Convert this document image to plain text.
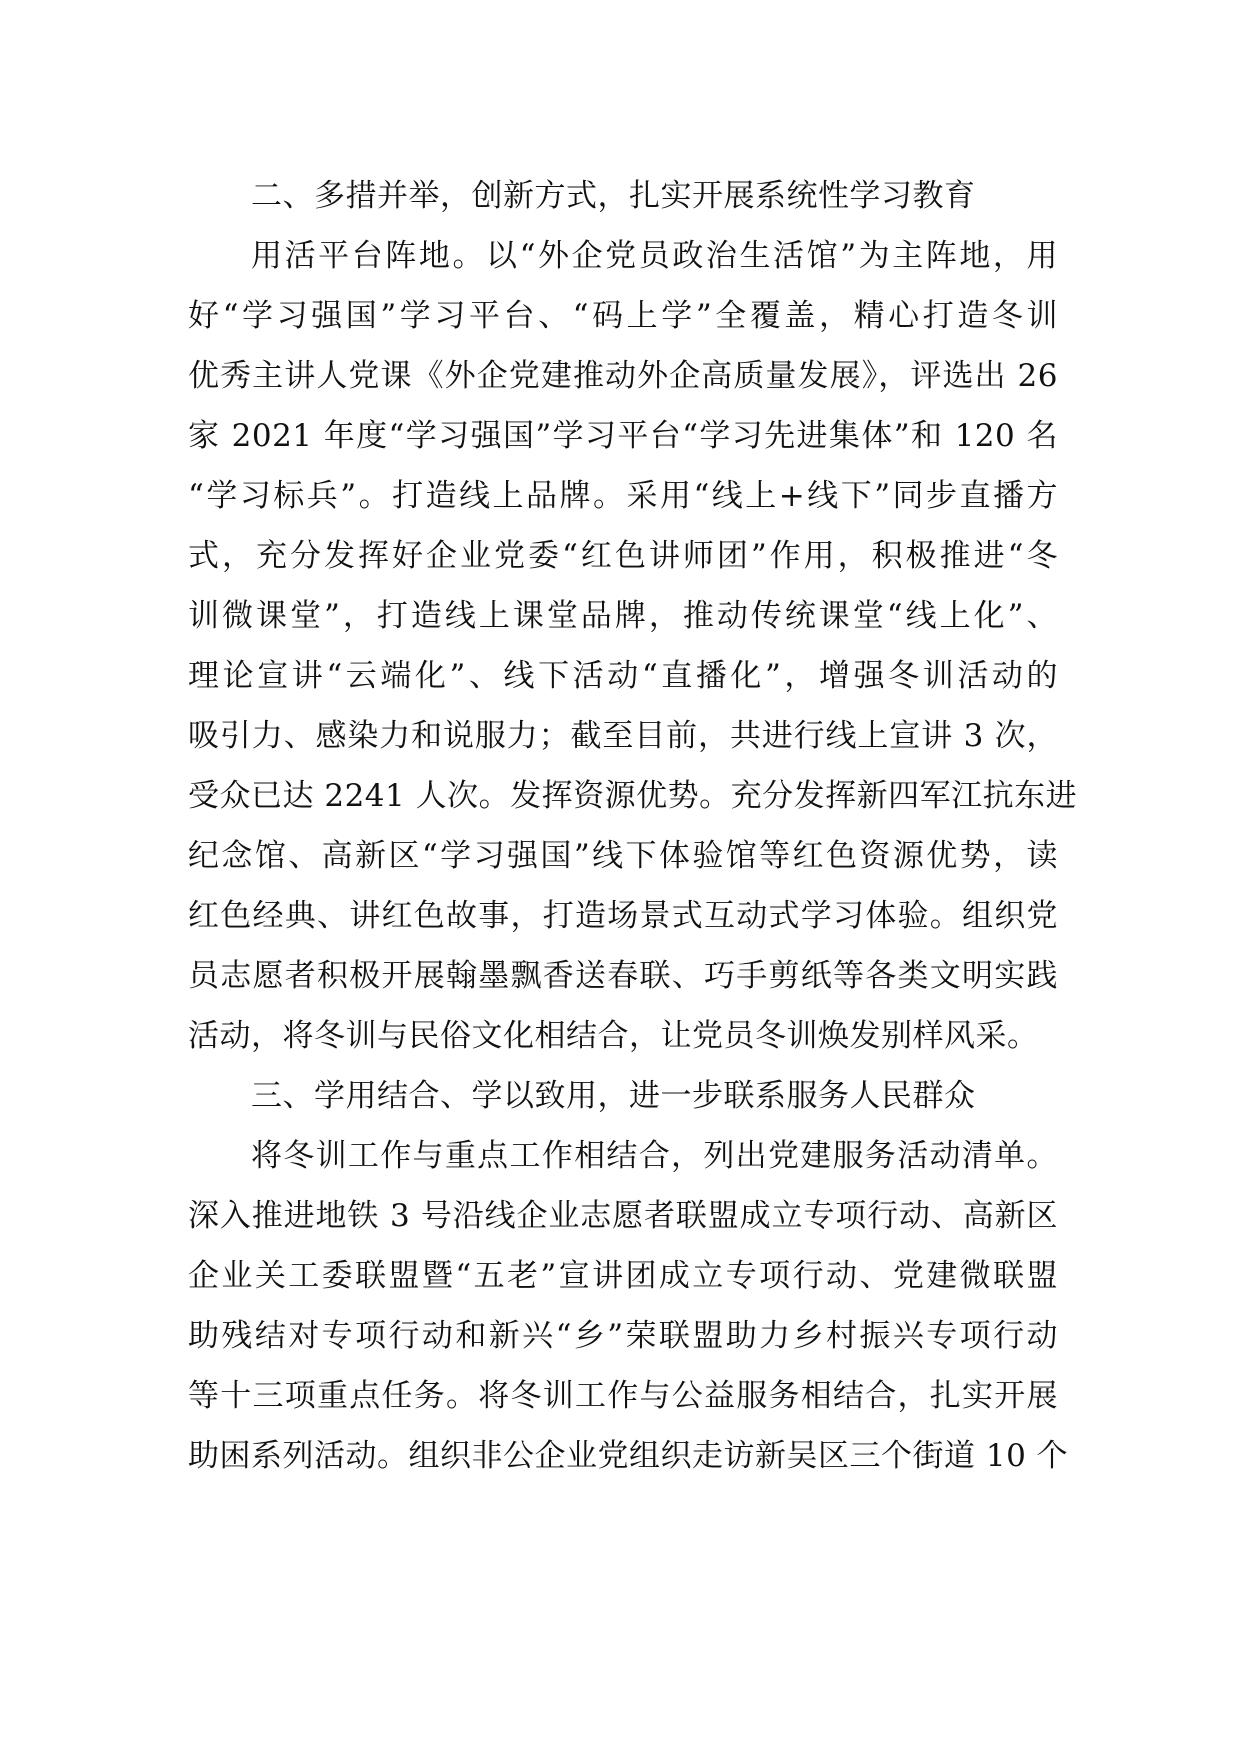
二、多措并举，创新方式，扎实开展系统性学习教育
用活平台阵地。以“外企党员政治生活馆”为主阵地，用
好“学习强国”学习平台、“码上学”全覆盖，精心打造冬训
优秀主讲人党课《外企党建推动外企高质量发展》，评选出 26
家 2021 年度“学习强国”学习平台“学习先进集体”和 120 名
“学习标兵”。打造线上品牌。采用“线上+线下”同步直播方
式，充分发挥好企业党委“红色讲师团”作用，积极推进“冬
训微课堂”，打造线上课堂品牌，推动传统课堂“线上化”、
理论宣讲“云端化”、线下活动“直播化”，增强冬训活动的
吸引力、感染力和说服力；截至目前，共进行线上宣讲 3 次，
受众已达 2241 人次。发挥资源优势。充分发挥新四军江抗东进
纪念馆、高新区“学习强国”线下体验馆等红色资源优势，读
红色经典、讲红色故事，打造场景式互动式学习体验。组织党
员志愿者积极开展翰墨飘香送春联、巧手剪纸等各类文明实践
活动，将冬训与民俗文化相结合，让党员冬训焕发别样风采。
三、学用结合、学以致用，进一步联系服务人民群众
将冬训工作与重点工作相结合，列出党建服务活动清单。
深入推进地铁 3 号沿线企业志愿者联盟成立专项行动、高新区
企业关工委联盟暨“五老”宣讲团成立专项行动、党建微联盟
助残结对专项行动和新兴“乡”荣联盟助力乡村振兴专项行动
等十三项重点任务。将冬训工作与公益服务相结合，扎实开展
助困系列活动。组织非公企业党组织走访新吴区三个街道 10 个
